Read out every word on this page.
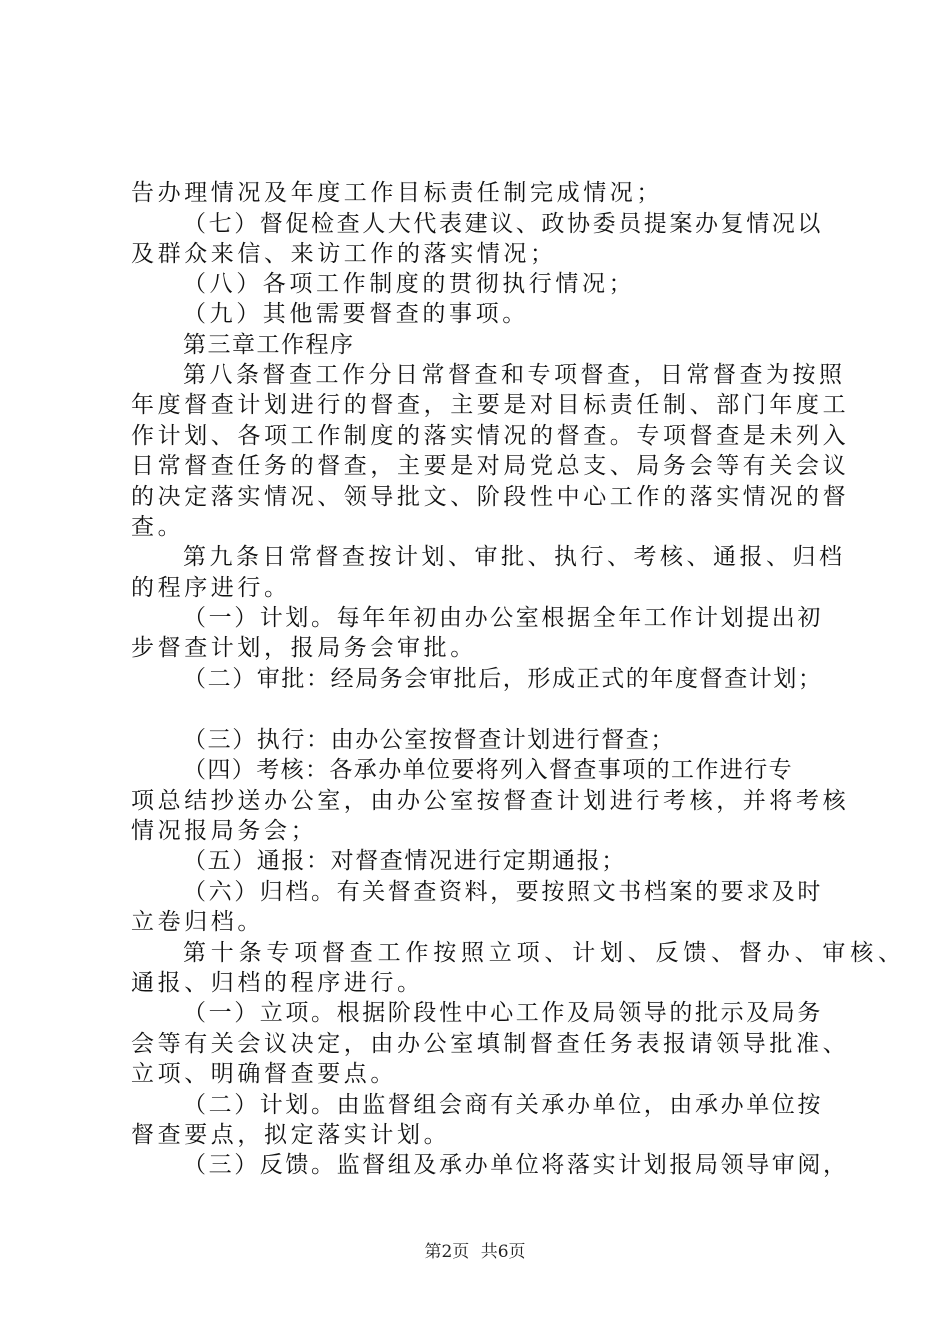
告办理情况及年度工作目标责任制完成情况；

（七）督促检查人大代表建议、政协委员提案办复情况以

及群众来信、来访工作的落实情况；

（八）各项工作制度的贯彻执行情况；

（九）其他需要督查的事项。

第三章工作程序

第八条督查工作分日常督查和专项督查，日常督查为按照

年度督查计划进行的督查，主要是对目标责任制、部门年度工

作计划、各项工作制度的落实情况的督查。专项督查是未列入

日常督查任务的督查，主要是对局党总支、局务会等有关会议

的决定落实情况、领导批文、阶段性中心工作的落实情况的督

查。

第九条日常督查按计划、审批、执行、考核、通报、归档

的程序进行。

（一）计划。每年年初由办公室根据全年工作计划提出初

步督查计划，报局务会审批。

（二）审批：经局务会审批后，形成正式的年度督查计划；

（三）执行：由办公室按督查计划进行督查；

（四）考核：各承办单位要将列入督查事项的工作进行专

项总结抄送办公室，由办公室按督查计划进行考核，并将考核

情况报局务会；

（五）通报：对督查情况进行定期通报；

（六）归档。有关督查资料，要按照文书档案的要求及时

立卷归档。

第十条专项督查工作按照立项、计划、反馈、督办、审核、

通报、归档的程序进行。

（一）立项。根据阶段性中心工作及局领导的批示及局务

会等有关会议决定，由办公室填制督查任务表报请领导批准、

立项、明确督查要点。

（二）计划。由监督组会商有关承办单位，由承办单位按

督查要点，拟定落实计划。

（三）反馈。监督组及承办单位将落实计划报局领导审阅，

第2页 共6页
